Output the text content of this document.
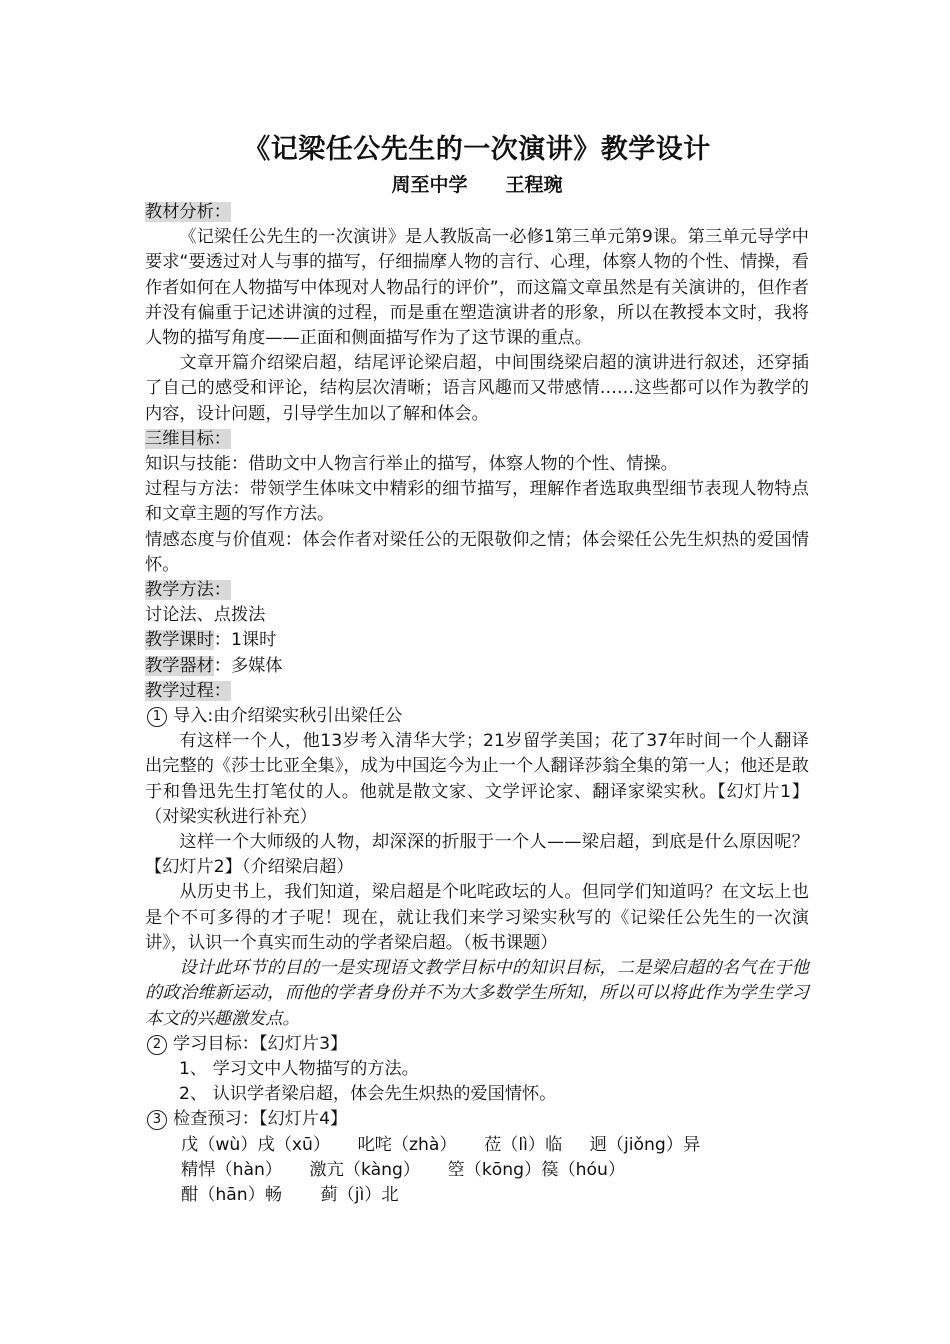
《记梁任公先生的一次演讲》教学设计
周至中学 王程琬
教材分析：
《记梁任公先生的一次演讲》是人教版高一必修1第三单元第9课。第三单元导学中要求“要透过对人与事的描写，仔细揣摩人物的言行、心理，体察人物的个性、情操，看作者如何在人物描写中体现对人物品行的评价”，而这篇文章虽然是有关演讲的，但作者并没有偏重于记述讲演的过程，而是重在塑造演讲者的形象，所以在教授本文时，我将人物的描写角度——正面和侧面描写作为了这节课的重点。
文章开篇介绍梁启超，结尾评论梁启超，中间围绕梁启超的演讲进行叙述，还穿插了自己的感受和评论，结构层次清晰；语言风趣而又带感情……这些都可以作为教学的内容，设计问题，引导学生加以了解和体会。
三维目标：
知识与技能：借助文中人物言行举止的描写，体察人物的个性、情操。
过程与方法：带领学生体味文中精彩的细节描写，理解作者选取典型细节表现人物特点和文章主题的写作方法。
情感态度与价值观：体会作者对梁任公的无限敬仰之情；体会梁任公先生炽热的爱国情怀。
教学方法：
讨论法、点拨法
教学课时：1课时
教学器材：多媒体
教学过程：
1 导入:由介绍梁实秋引出梁任公
有这样一个人，他13岁考入清华大学；21岁留学美国；花了37年时间一个人翻译出完整的《莎士比亚全集》，成为中国迄今为止一个人翻译莎翁全集的第一人；他还是敢于和鲁迅先生打笔仗的人。他就是散文家、文学评论家、翻译家梁实秋。【幻灯片1】（对梁实秋进行补充）
这样一个大师级的人物，却深深的折服于一个人——梁启超，到底是什么原因呢？【幻灯片2】（介绍梁启超）
从历史书上，我们知道，梁启超是个叱咤政坛的人。但同学们知道吗？在文坛上也是个不可多得的才子呢！现在，就让我们来学习梁实秋写的《记梁任公先生的一次演讲》，认识一个真实而生动的学者梁启超。（板书课题）
设计此环节的目的一是实现语文教学目标中的知识目标，二是梁启超的名气在于他的政治维新运动，而他的学者身份并不为大多数学生所知，所以可以将此作为学生学习本文的兴趣激发点。
2 学习目标：【幻灯片3】
1、 学习文中人物描写的方法。
2、 认识学者梁启超，体会先生炽热的爱国情怀。
3 检查预习：【幻灯片4】
戊（wù）戌（xū）     叱咤（zhà）     莅（lì）临     迥（jiǒng）异
精悍（hàn）     激亢（kàng）     箜（kōng）篌（hóu）
酣（hān）畅       蓟（jì）北
